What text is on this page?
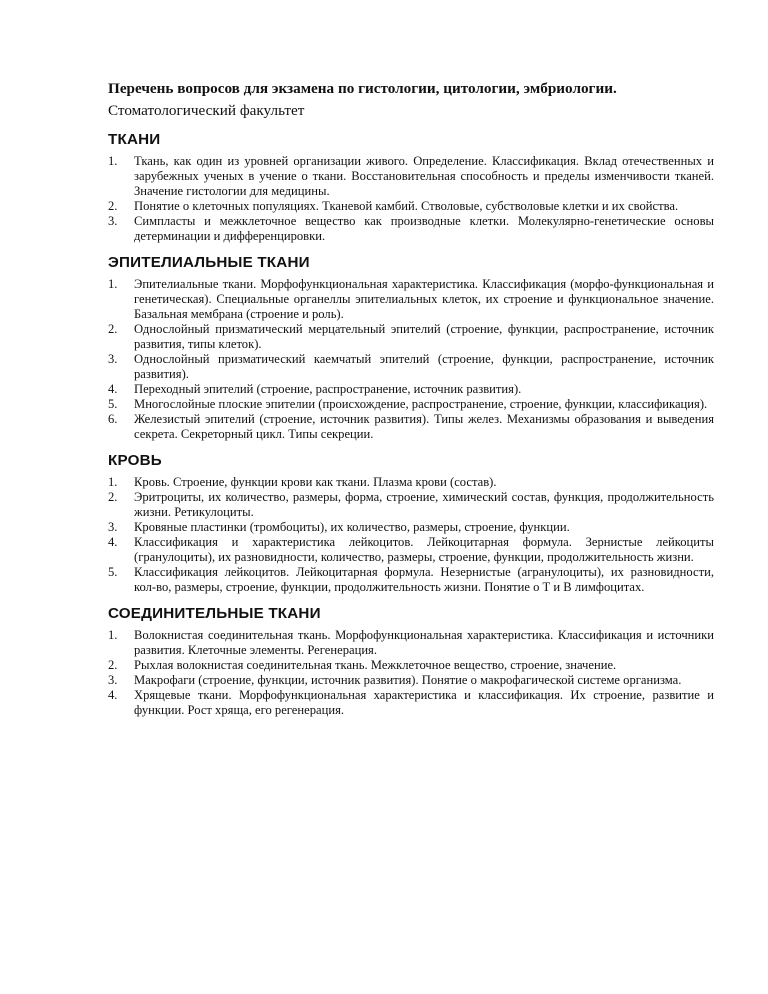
Перечень вопросов для экзамена по гистологии, цитологии, эмбриологии.

Стоматологический факультет

ТКАНИ
1. Ткань, как один из уровней организации живого. Определение. Классификация. Вклад отечественных и зарубежных ученых в учение о ткани. Восстановительная способность и пределы изменчивости тканей. Значение гистологии для медицины.
2. Понятие о клеточных популяциях. Тканевой камбий. Стволовые, субстволовые клетки и их свойства.
3. Симпласты и межклеточное вещество как производные клетки. Молекулярно-генетические основы детерминации и дифференцировки.
ЭПИТЕЛИАЛЬНЫЕ ТКАНИ
1. Эпителиальные ткани. Морфофункциональная характеристика. Классификация (морфо-функциональная и генетическая). Специальные органеллы эпителиальных клеток, их строение и функциональное значение. Базальная мембрана (строение и роль).
2. Однослойный призматический мерцательный эпителий (строение, функции, распространение, источник развития, типы клеток).
3. Однослойный призматический каемчатый эпителий (строение, функции, распространение, источник развития).
4. Переходный эпителий (строение, распространение, источник развития).
5. Многослойные плоские эпителии (происхождение, распространение, строение, функции, классификация).
6. Железистый эпителий (строение, источник развития). Типы желез. Механизмы образования и выведения секрета. Секреторный цикл. Типы секреции.
КРОВЬ
1. Кровь. Строение, функции крови как ткани. Плазма крови (состав).
2. Эритроциты, их количество, размеры, форма, строение, химический состав, функция, продолжительность жизни. Ретикулоциты.
3. Кровяные пластинки (тромбоциты), их количество, размеры, строение, функции.
4. Классификация и характеристика лейкоцитов. Лейкоцитарная формула. Зернистые лейкоциты (гранулоциты), их разновидности, количество, размеры, строение, функции, продолжительность жизни.
5. Классификация лейкоцитов. Лейкоцитарная формула. Незернистые (агранулоциты), их разновидности, кол-во, размеры, строение, функции, продолжительность жизни. Понятие о Т и В лимфоцитах.
СОЕДИНИТЕЛЬНЫЕ ТКАНИ
1. Волокнистая соединительная ткань. Морфофункциональная характеристика. Классификация и источники развития. Клеточные элементы. Регенерация.
2. Рыхлая волокнистая соединительная ткань. Межклеточное вещество, строение, значение.
3. Макрофаги (строение, функции, источник развития). Понятие о макрофагической системе организма.
4. Хрящевые ткани. Морфофункциональная характеристика и классификация. Их строение, развитие и функции. Рост хряща, его регенерация.
